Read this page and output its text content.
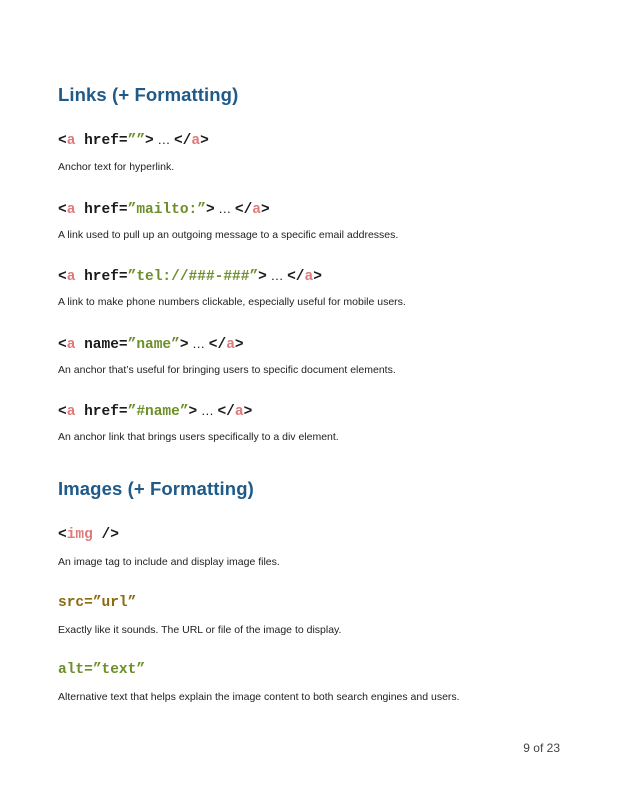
Links (+ Formatting)

<a href=””> … </a>

Anchor text for hyperlink.

<a href=”mailto:”> … </a>

A link used to pull up an outgoing message to a specific email addresses.

<a href=”tel://###-###”> … </a>

A link to make phone numbers clickable, especially useful for mobile users.

<a name=”name”> … </a>

An anchor that’s useful for bringing users to specific document elements.

<a href=”#name”> … </a>

An anchor link that brings users specifically to a div element.

Images (+ Formatting)

<img />

An image tag to include and display image files.

src=”url”

Exactly like it sounds. The URL or file of the image to display.

alt=”text”

Alternative text that helps explain the image content to both search engines and users.

9 of 23
